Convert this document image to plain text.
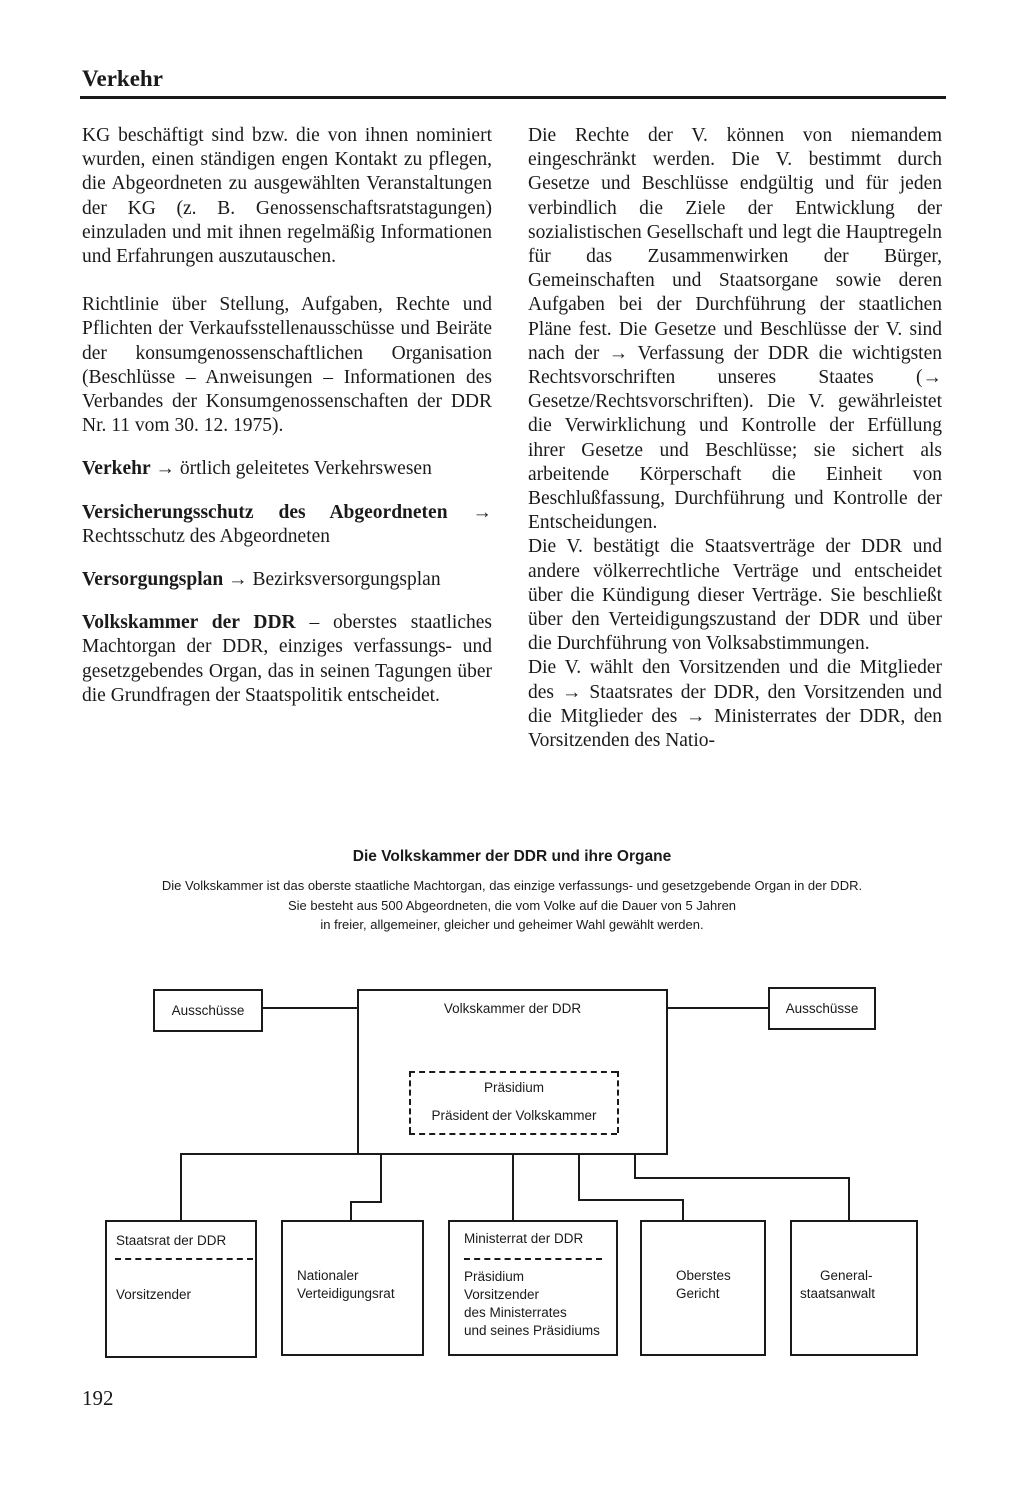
Verkehr

KG beschäftigt sind bzw. die von ihnen nominiert wurden, einen ständigen engen Kontakt zu pflegen, die Abgeordneten zu ausgewählten Veranstaltungen der KG (z. B. Genossenschaftsratstagungen) einzuladen und mit ihnen regelmäßig Informationen und Erfahrungen auszutauschen.

Richtlinie über Stellung, Aufgaben, Rechte und Pflichten der Verkaufsstellenausschüsse und Beiräte der konsumgenossenschaftlichen Organisation (Beschlüsse – Anweisungen – Informationen des Verbandes der Konsumgenossenschaften der DDR Nr. 11 vom 30. 12. 1975).

Verkehr → örtlich geleitetes Verkehrswesen

Versicherungsschutz des Abgeordneten → Rechtsschutz des Abgeordneten

Versorgungsplan → Bezirksversorgungsplan

Volkskammer der DDR – oberstes staatliches Machtorgan der DDR, einziges verfassungs- und gesetzgebendes Organ, das in seinen Tagungen über die Grundfragen der Staatspolitik entscheidet.

Die Rechte der V. können von niemandem eingeschränkt werden. Die V. bestimmt durch Gesetze und Beschlüsse endgültig und für jeden verbindlich die Ziele der Entwicklung der sozialistischen Gesellschaft und legt die Hauptregeln für das Zusammenwirken der Bürger, Gemeinschaften und Staatsorgane sowie deren Aufgaben bei der Durchführung der staatlichen Pläne fest. Die Gesetze und Beschlüsse der V. sind nach der → Verfassung der DDR die wichtigsten Rechtsvorschriften unseres Staates (→ Gesetze/Rechtsvorschriften). Die V. gewährleistet die Verwirklichung und Kontrolle der Erfüllung ihrer Gesetze und Beschlüsse; sie sichert als arbeitende Körperschaft die Einheit von Beschlußfassung, Durchführung und Kontrolle der Entscheidungen.

Die V. bestätigt die Staatsverträge der DDR und andere völkerrechtliche Verträge und entscheidet über die Kündigung dieser Verträge. Sie beschließt über den Verteidigungszustand der DDR und über die Durchführung von Volksabstimmungen.

Die V. wählt den Vorsitzenden und die Mitglieder des → Staatsrates der DDR, den Vorsitzenden und die Mitglieder des → Ministerrates der DDR, den Vorsitzenden des Natio-

Die Volkskammer der DDR und ihre Organe
Die Volkskammer ist das oberste staatliche Machtorgan, das einzige verfassungs- und gesetzgebende Organ in der DDR.
Sie besteht aus 500 Abgeordneten, die vom Volke auf die Dauer von 5 Jahren
in freier, allgemeiner, gleicher und geheimer Wahl gewählt werden.
Ausschüsse	Ausschüsse
Volkskammer der DDR
Präsidium
Präsident der Volkskammer
Staatsrat der DDR
Vorsitzender
Nationaler
Verteidigungsrat
Ministerrat der DDR
Präsidium
Vorsitzender
des Ministerrates
und seines Präsidiums
Oberstes
Gericht
General-
staatsanwalt
192
